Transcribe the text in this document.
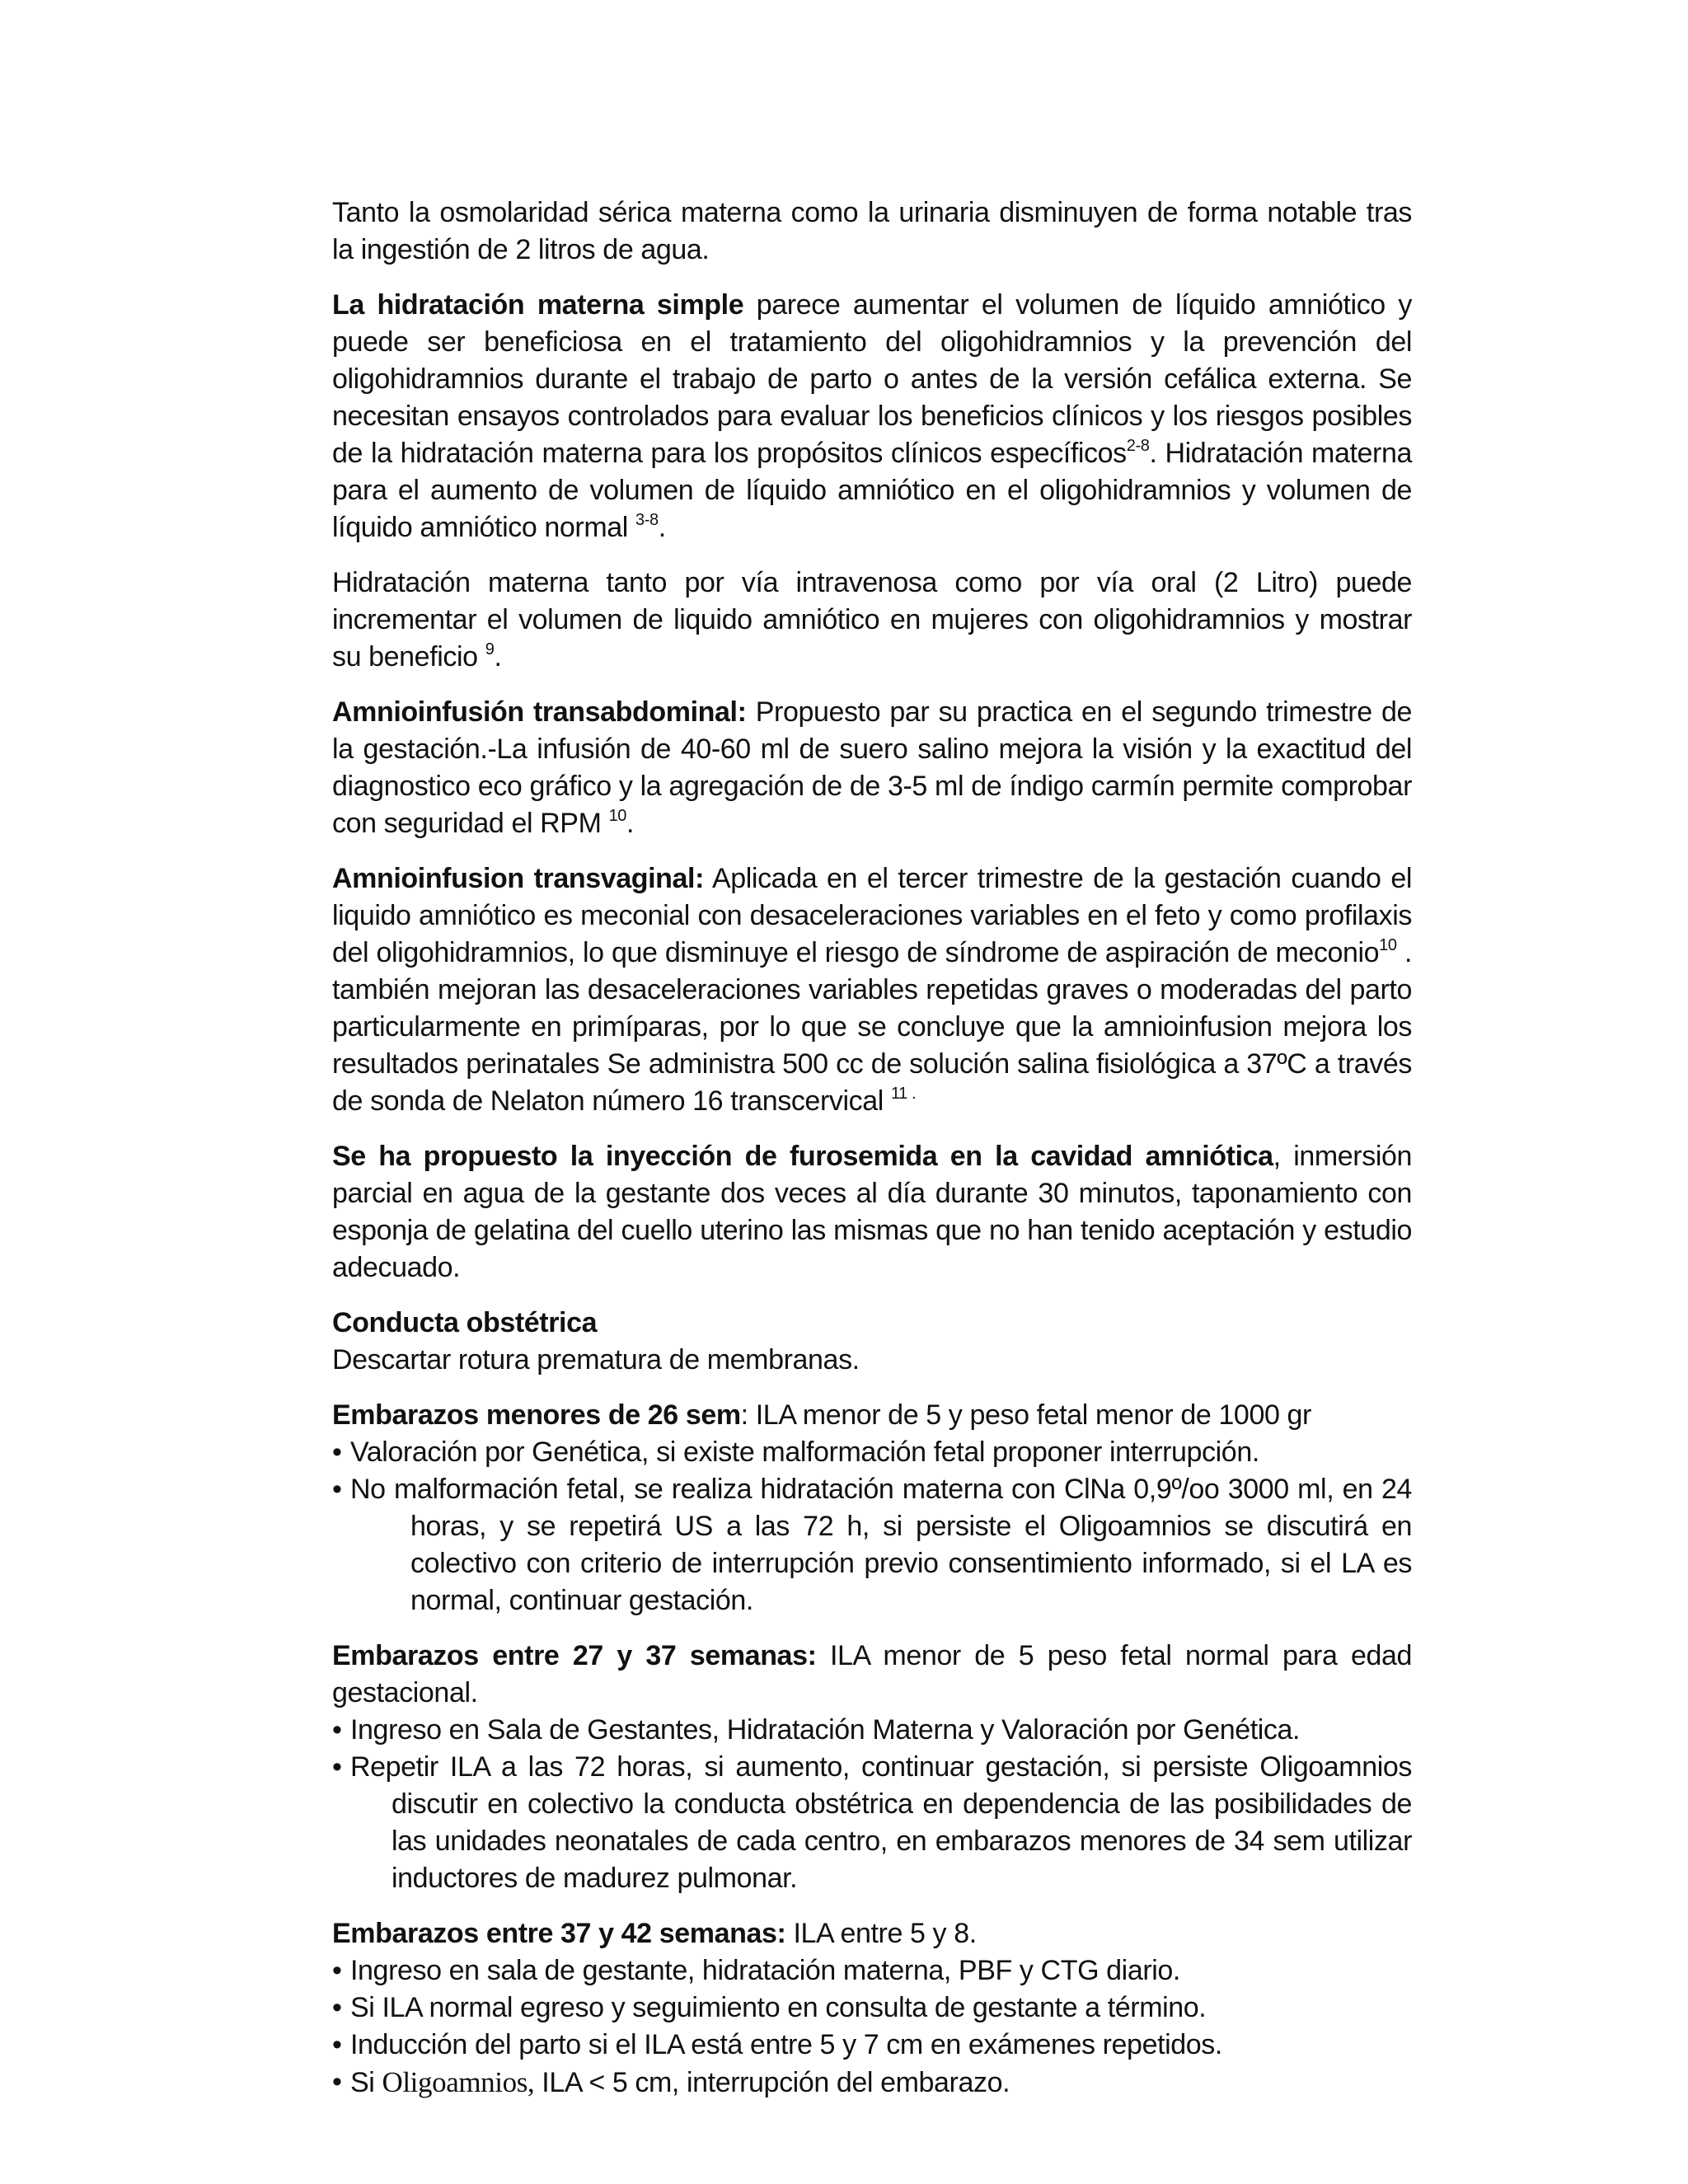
Tanto la osmolaridad sérica materna como la urinaria disminuyen de forma notable tras la ingestión de 2 litros de agua.

La hidratación materna simple parece aumentar el volumen de líquido amniótico y puede ser beneficiosa en el tratamiento del oligohidramnios y la prevención del oligohidramnios durante el trabajo de parto o antes de la versión cefálica externa. Se necesitan ensayos controlados para evaluar los beneficios clínicos y los riesgos posibles de la hidratación materna para los propósitos clínicos específicos$^{2-8}$. Hidratación materna para el aumento de volumen de líquido amniótico en el oligohidramnios y volumen de líquido amniótico normal $^{3-8}$.

Hidratación materna tanto por vía intravenosa como por vía oral (2 Litro) puede incrementar el volumen de liquido amniótico en mujeres con oligohidramnios y mostrar su beneficio $^9$.

Amnioinfusión transabdominal: Propuesto par su practica en el segundo trimestre de la gestación.-La infusión de 40-60 ml de suero salino mejora la visión y la exactitud del diagnostico eco gráfico y la agregación de de 3-5 ml de índigo carmín permite comprobar con seguridad el RPM $^{10}$.

Amnioinfusion transvaginal: Aplicada en el tercer trimestre de la gestación cuando el liquido amniótico es meconial con desaceleraciones variables en el feto y como profilaxis del oligohidramnios, lo que disminuye el riesgo de síndrome de aspiración de meconio$^{10}$ . también mejoran las desaceleraciones variables repetidas graves o moderadas del parto particularmente en primíparas, por lo que se concluye que la amnioinfusion mejora los resultados perinatales Se administra 500 cc de solución salina fisiológica a 37ºC a través de sonda de Nelaton número 16 transcervical $^{11 .}$

Se ha propuesto la inyección de furosemida en la cavidad amniótica, inmersión parcial en agua de la gestante dos veces al día durante 30 minutos, taponamiento con esponja de gelatina del cuello uterino las mismas que no han tenido aceptación y estudio adecuado.

Conducta obstétrica
Descartar rotura prematura de membranas.
Embarazos menores de 26 sem: ILA menor de 5 y peso fetal menor de 1000 gr
• Valoración por Genética, si existe malformación fetal proponer interrupción.
• No malformación fetal, se realiza hidratación materna con ClNa 0,9º/oo 3000 ml, en 24 horas, y se repetirá US a las 72 h, si persiste el Oligoamnios se discutirá en colectivo con criterio de interrupción previo consentimiento informado, si el LA es normal, continuar gestación.

Embarazos entre 27 y 37 semanas: ILA menor de 5 peso fetal normal para edad gestacional.

• Ingreso en Sala de Gestantes, Hidratación Materna y Valoración por Genética.
• Repetir ILA a las 72 horas, si aumento, continuar gestación, si persiste Oligoamnios discutir en colectivo la conducta obstétrica en dependencia de las posibilidades de las unidades neonatales de cada centro, en embarazos menores de 34 sem utilizar inductores de madurez pulmonar.
Embarazos entre 37 y 42 semanas: ILA entre 5 y 8.
• Ingreso en sala de gestante, hidratación materna, PBF y CTG diario.
• Si ILA normal egreso y seguimiento en consulta de gestante a término.
• Inducción del parto si el ILA está entre 5 y 7 cm en exámenes repetidos.
• Si Oligoamnios, ILA < 5 cm, interrupción del embarazo.
